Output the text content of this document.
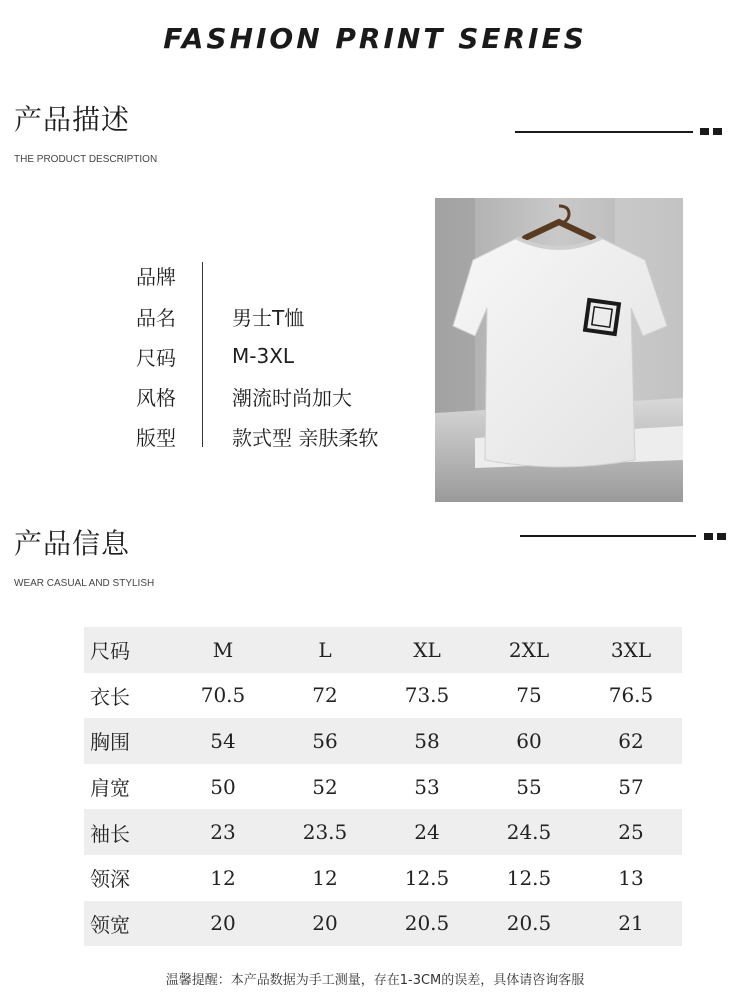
FASHION PRINT SERIES
产品描述
THE PRODUCT DESCRIPTION
品牌
品名	男士T恤
尺码	M-3XL
风格	潮流时尚加大
版型	款式型 亲肤柔软
产品信息
WEAR CASUAL AND STYLISH
尺码	M	L	XL	2XL	3XL
衣长	70.5	72	73.5	75	76.5
胸围	54	56	58	60	62
肩宽	50	52	53	55	57
袖长	23	23.5	24	24.5	25
领深	12	12	12.5	12.5	13
领宽	20	20	20.5	20.5	21
温馨提醒：本产品数据为手工测量，存在1-3CM的误差，具体请咨询客服
